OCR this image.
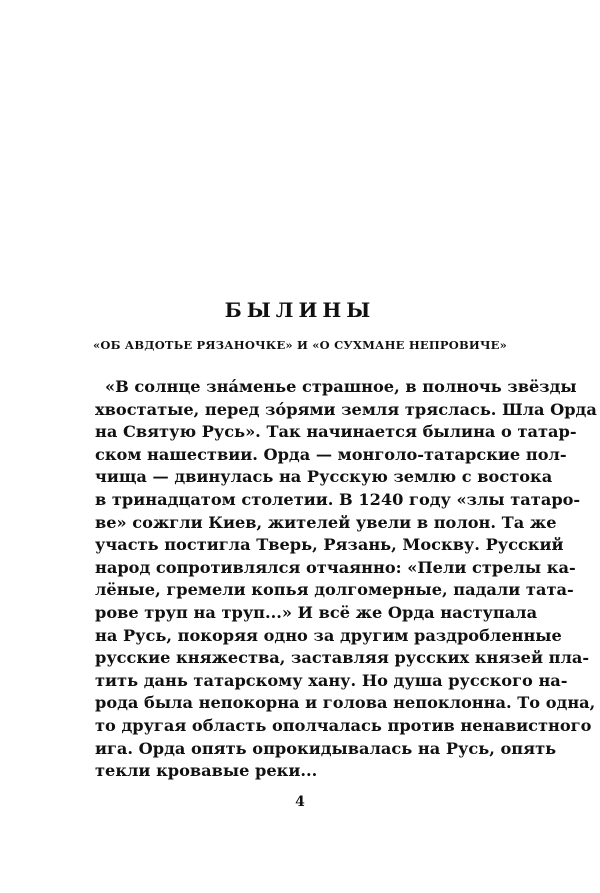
БЫЛИНЫ
«ОБ АВДОТЬЕ РЯЗАНОЧКЕ» И «О СУХМАНЕ НЕПРОВИЧЕ»
«В солнце зна́менье страшное, в полночь звёзды
хвостатые, перед зо́рями земля тряслась. Шла Орда
на Святую Русь». Так начинается былина о татар-
ском нашествии. Орда — монголо-татарские пол-
чища — двинулась на Русскую землю с востока
в тринадцатом столетии. В 1240 году «злы татаро-
ве» сожгли Киев, жителей увели в полон. Та же
участь постигла Тверь, Рязань, Москву. Русский
народ сопротивлялся отчаянно: «Пели стрелы ка-
лёные, гремели копья долгомерные, падали тата-
рове труп на труп...» И всё же Орда наступала
на Русь, покоряя одно за другим раздробленные
русские княжества, заставляя русских князей пла-
тить дань татарскому хану. Но душа русского на-
рода была непокорна и голова непоклонна. То одна,
то другая область ополчалась против ненавистного
ига. Орда опять опрокидывалась на Русь, опять
текли кровавые реки...
4
